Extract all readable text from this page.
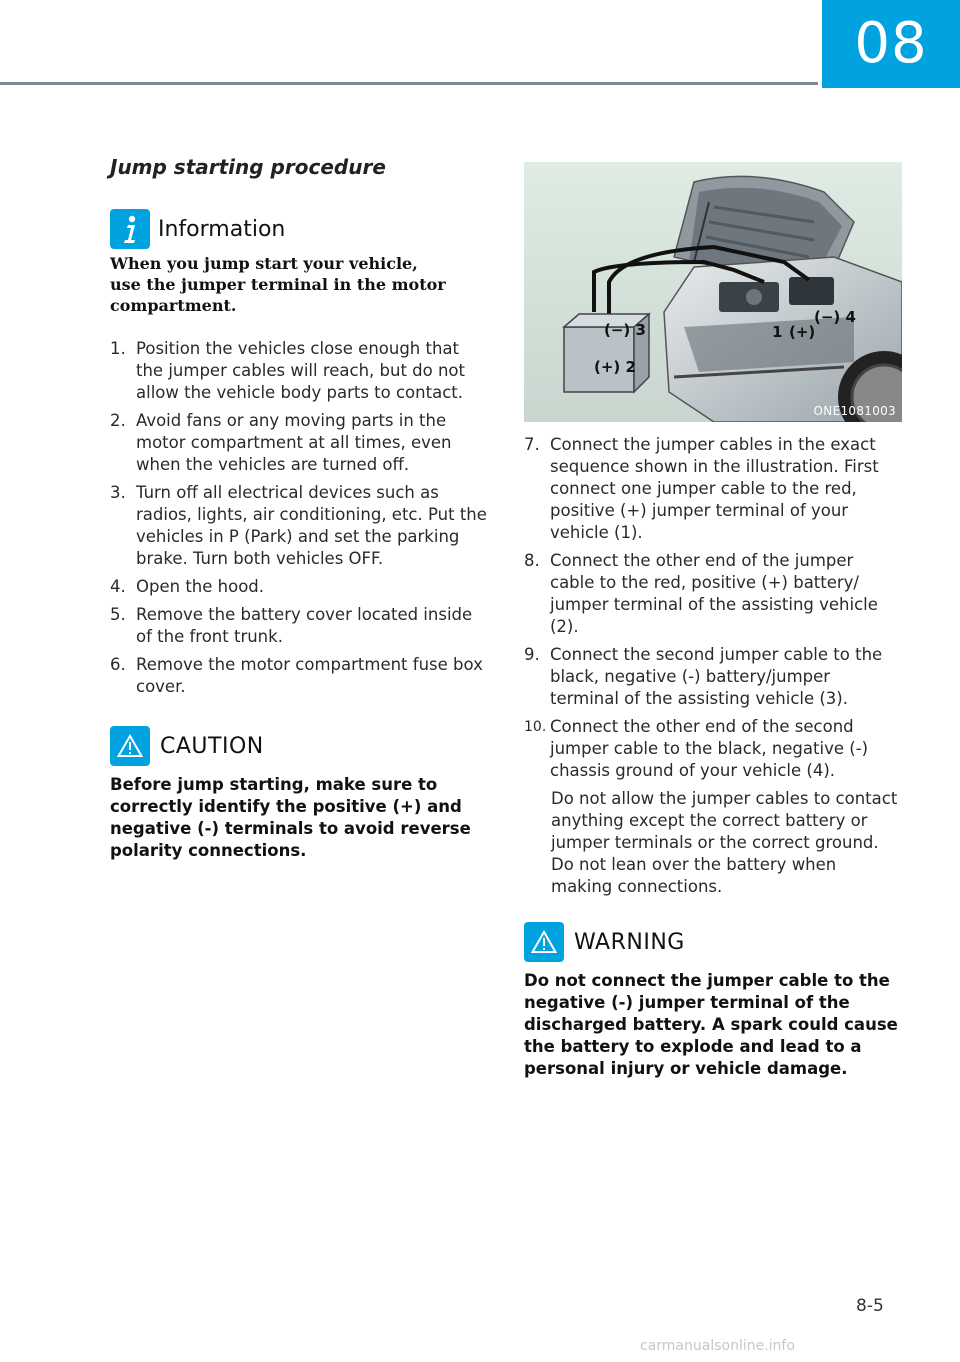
08
Jump starting procedure
Information
When you jump start your vehicle, use the jumper terminal in the motor compartment.
1. Position the vehicles close enough that the jumper cables will reach, but do not allow the vehicle body parts to contact.
2. Avoid fans or any moving parts in the motor compartment at all times, even when the vehicles are turned off.
3. Turn off all electrical devices such as radios, lights, air conditioning, etc. Put the vehicles in P (Park) and set the parking brake. Turn both vehicles OFF.
4. Open the hood.
5. Remove the battery cover located inside of the front trunk.
6. Remove the motor compartment fuse box cover.
CAUTION
Before jump starting, make sure to correctly identify the positive (+) and negative (-) terminals to avoid reverse polarity connections.
(−) 3
(+) 2
1 (+)
(−) 4
ONE1081003
7. Connect the jumper cables in the exact sequence shown in the illustration. First connect one jumper cable to the red, positive (+) jumper terminal of your vehicle (1).
8. Connect the other end of the jumper cable to the red, positive (+) battery/ jumper terminal of the assisting vehicle (2).
9. Connect the second jumper cable to the black, negative (-) battery/jumper terminal of the assisting vehicle (3).
10. Connect the other end of the second jumper cable to the black, negative (-) chassis ground of your vehicle (4).
Do not allow the jumper cables to contact anything except the correct battery or jumper terminals or the correct ground. Do not lean over the battery when making connections.
WARNING
Do not connect the jumper cable to the negative (-) jumper terminal of the discharged battery. A spark could cause the battery to explode and lead to a personal injury or vehicle damage.
8-5
carmanualsonline.info
